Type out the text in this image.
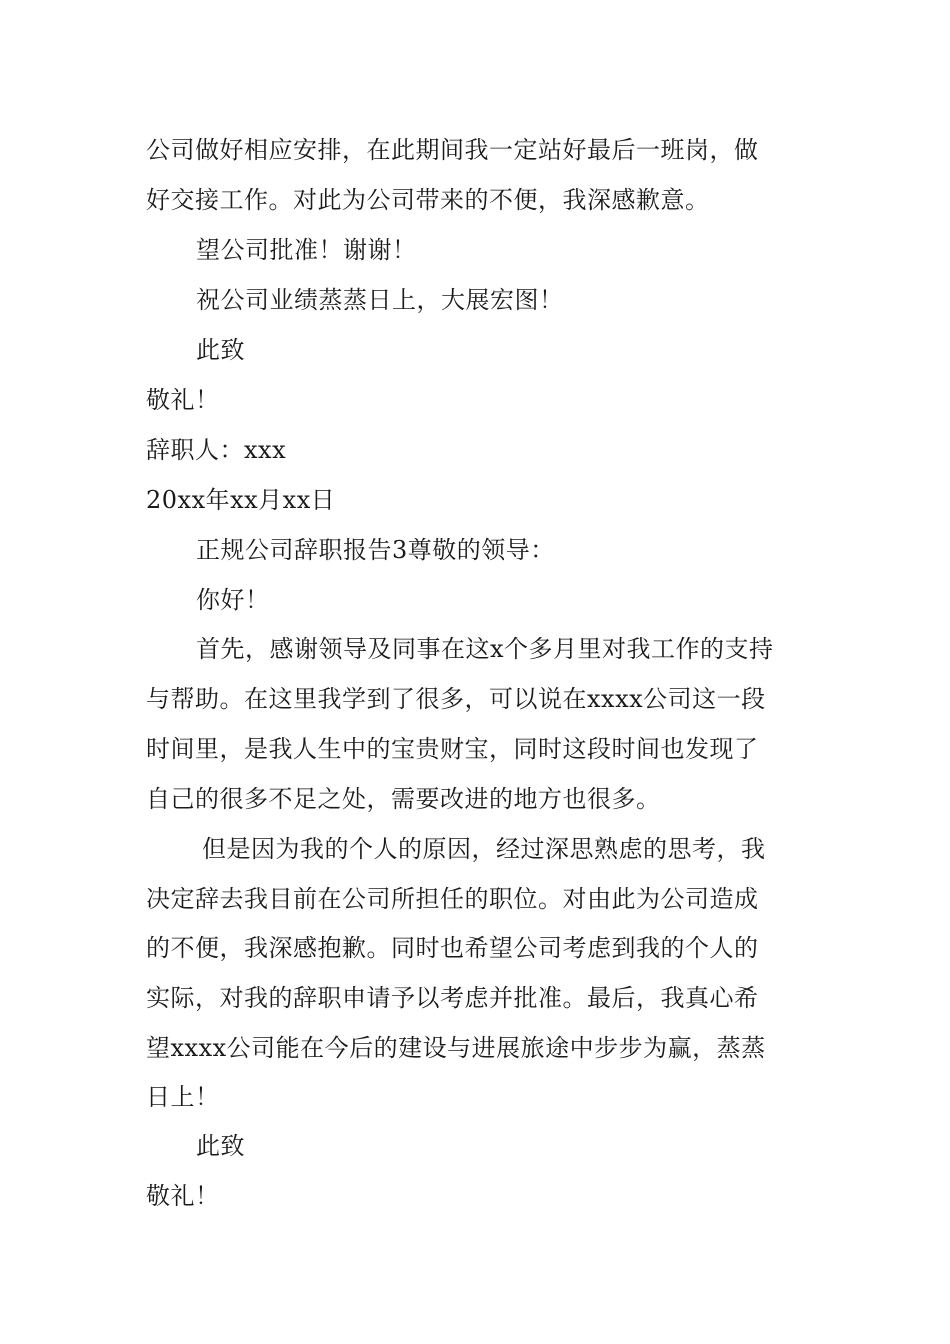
公司做好相应安排，在此期间我一定站好最后一班岗，做
好交接工作。对此为公司带来的不便，我深感歉意。
望公司批准！谢谢！
祝公司业绩蒸蒸日上，大展宏图！
此致
敬礼！
辞职人：xxx
20xx年xx月xx日
正规公司辞职报告3尊敬的领导：
你好！
首先，感谢领导及同事在这x个多月里对我工作的支持
与帮助。在这里我学到了很多，可以说在xxxx公司这一段
时间里，是我人生中的宝贵财宝，同时这段时间也发现了
自己的很多不足之处，需要改进的地方也很多。
但是因为我的个人的原因，经过深思熟虑的思考，我
决定辞去我目前在公司所担任的职位。对由此为公司造成
的不便，我深感抱歉。同时也希望公司考虑到我的个人的
实际，对我的辞职申请予以考虑并批准。最后，我真心希
望xxxx公司能在今后的建设与进展旅途中步步为赢，蒸蒸
日上！
此致
敬礼！
